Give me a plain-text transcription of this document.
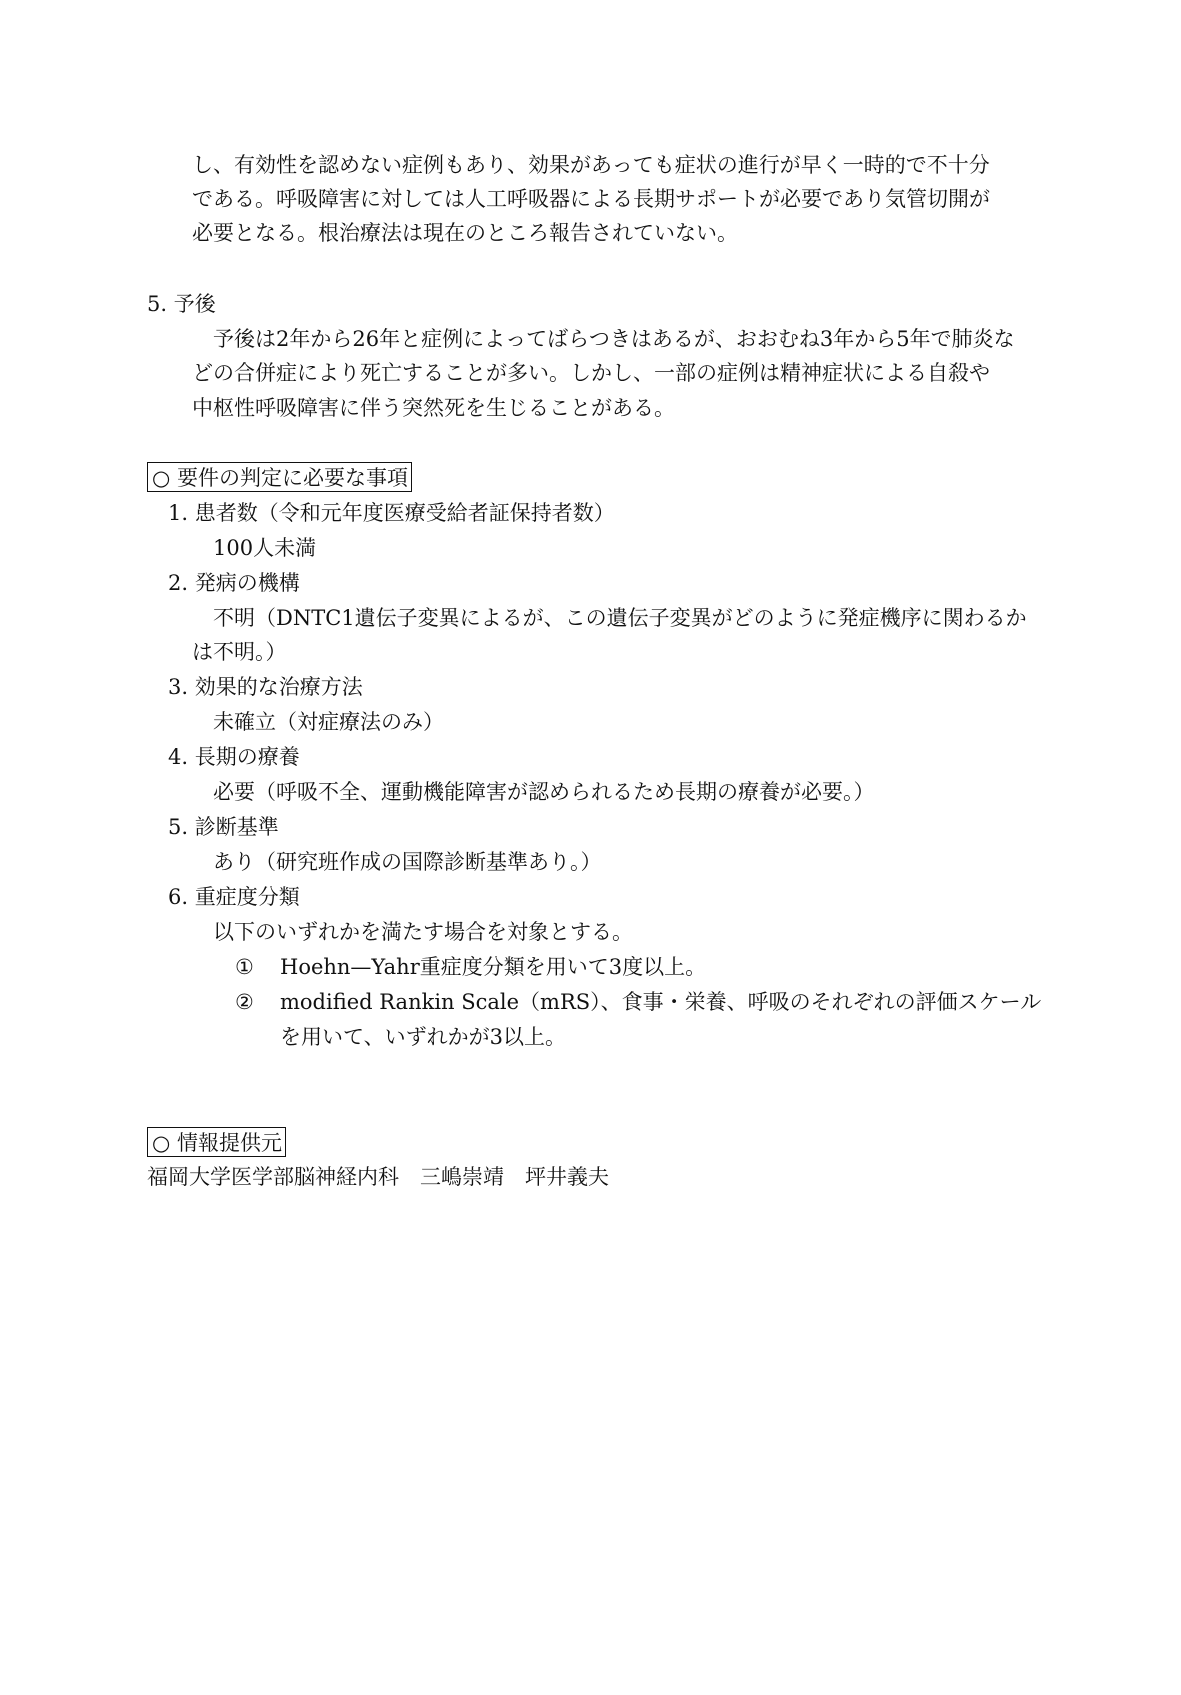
し、有効性を認めない症例もあり、効果があっても症状の進行が早く一時的で不十分
である。呼吸障害に対しては人工呼吸器による長期サポートが必要であり気管切開が
必要となる。根治療法は現在のところ報告されていない。
5. 予後
予後は2年から26年と症例によってばらつきはあるが、おおむね3年から5年で肺炎な
どの合併症により死亡することが多い。しかし、一部の症例は精神症状による自殺や
中枢性呼吸障害に伴う突然死を生じることがある。
○ 要件の判定に必要な事項
1. 患者数（令和元年度医療受給者証保持者数）
100人未満
2. 発病の機構
不明（DNTC1遺伝子変異によるが、この遺伝子変異がどのように発症機序に関わるか
は不明。）
3. 効果的な治療方法
未確立（対症療法のみ）
4. 長期の療養
必要（呼吸不全、運動機能障害が認められるため長期の療養が必要。）
5. 診断基準
あり（研究班作成の国際診断基準あり。）
6. 重症度分類
以下のいずれかを満たす場合を対象とする。
① Hoehn—Yahr重症度分類を用いて3度以上。
② modified Rankin Scale（mRS）、食事・栄養、呼吸のそれぞれの評価スケール
を用いて、いずれかが3以上。
○ 情報提供元
福岡大学医学部脳神経内科　三嶋崇靖　坪井義夫
